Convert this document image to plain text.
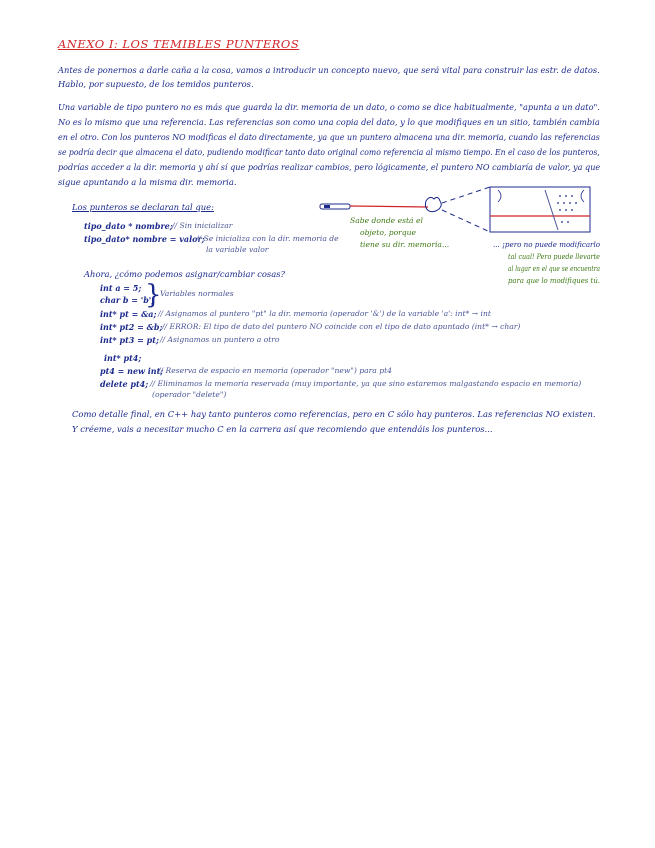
ANEXO I: LOS TEMIBLES PUNTEROS
Antes de ponernos a darle caña a la cosa, vamos a introducir un concepto nuevo, que será vital para construir las estr. de datos.
Hablo, por supuesto, de los temidos punteros.
Una variable de tipo puntero no es más que guarda la dir. memoria de un dato, o como se dice habitualmente, "apunta a un dato".
No es lo mismo que una referencia. Las referencias son como una copia del dato, y lo que modifiques en un sitio, también cambia
en el otro. Con los punteros NO modificas el dato directamente, ya que un puntero almacena una dir. memoria, cuando las referencias
se podría decir que almacena el dato, pudiendo modificar tanto dato original como referencia al mismo tiempo. En el caso de los punteros,
podrías acceder a la dir. memoria y ahí sí que podrías realizar cambios, pero lógicamente, el puntero NO cambiaría de valor, ya que
sigue apuntando a la misma dir. memoria.
Los punteros se declaran tal que:
tipo_dato * nombre; // Sin inicializar
tipo_dato* nombre = valor;
// Se inicializa con la dir. memoria de
la variable valor
Sabe donde está el
objeto, porque
tiene su dir. memoria...	... ¡pero no puede modificarlo
tal cual! Pero puede llevarte
al lugar en el que se encuentra
para que lo modifiques tú.
Ahora, ¿cómo podemos asignar/cambiar cosas?
int a = 5;
char b = 'b';
}
Variables normales
int* pt = &a; // Asignamos al puntero "pt" la dir. memoria (operador '&') de la variable 'a': int* → int
int* pt2 = &b; // ERROR: El tipo de dato del puntero NO coincide con el tipo de dato apuntado (int* → char)
int* pt3 = pt; // Asignamos un puntero a otro
int* pt4;
pt4 = new int;
// Reserva de espacio en memoria (operador "new") para pt4
delete pt4; // Eliminamos la memoria reservada (muy importante, ya que sino estaremos malgastando espacio en memoria)
(operador "delete")
Como detalle final, en C++ hay tanto punteros como referencias, pero en C sólo hay punteros. Las referencias NO existen.
Y créeme, vais a necesitar mucho C en la carrera así que recomiendo que entendáis los punteros...
